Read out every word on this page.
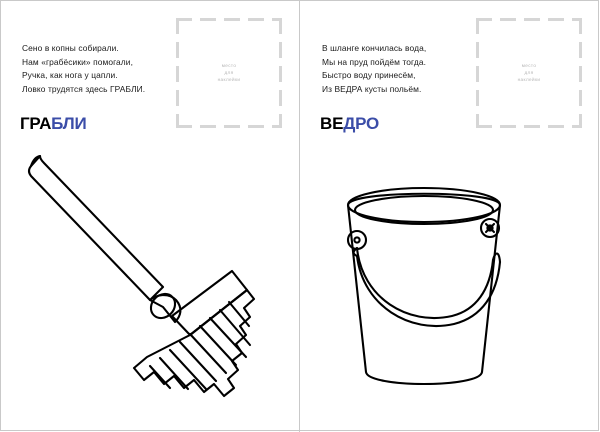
Сено в копны собирали.
Нам «грабёсики» помогали,
Ручка, как нога у цапли.
Ловко трудятся здесь ГРАБЛИ.
ГРАБЛИ
место
для
наклейки
В шланге кончилась вода,
Мы на пруд пойдём тогда.
Быстро воду принесём,
Из ВЕДРА кусты польём.
ВЕДРО
место
для
наклейки
